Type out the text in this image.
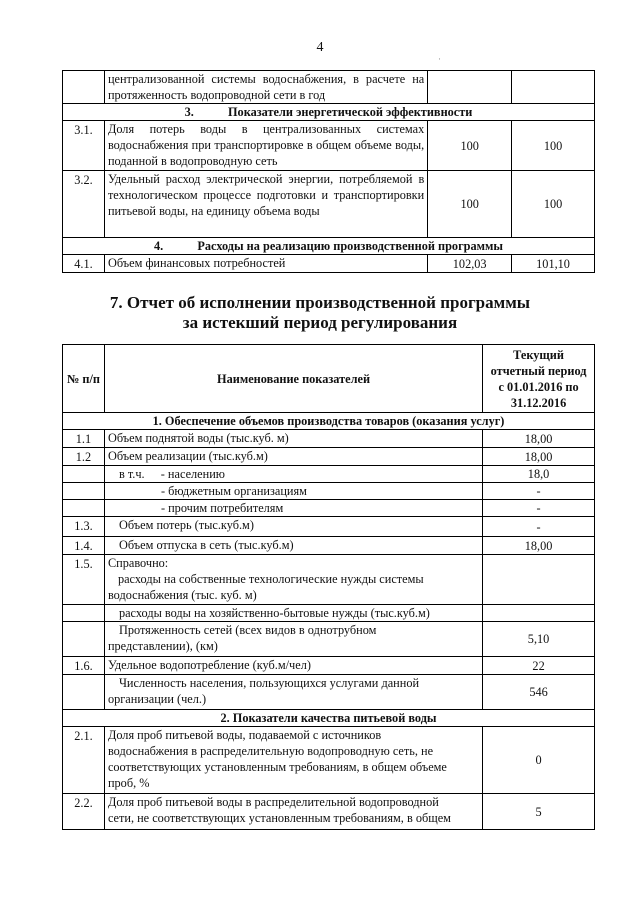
4
·
	централизованной системы водоснабжения, в расчете на протяженность водопроводной сети в год		
3. Показатели энергетической эффективности			
3.1.	Доля потерь воды в централизованных системах водоснабжения при транспортировке в общем объеме воды, поданной в водопроводную сеть	100	100
3.2.	Удельный расход электрической энергии, потребляемой в технологическом процессе подготовки и транспортировки питьевой воды, на единицу объема воды	100	100
4. Расходы на реализацию производственной программы			
4.1.	Объем финансовых потребностей	102,03	101,10
7. Отчет об исполнении производственной программы
за истекший период регулирования
№ п/п	Наименование показателей	Текущий
отчетный период
с 01.01.2016 по
31.12.2016

1. Обеспечение объемов производства товаров (оказания услуг)		
1.1	Объем поднятой воды (тыс.куб. м)	18,00
1.2	Объем реализации (тыс.куб.м)	18,00
	в т.ч. - населению	18,0
	- бюджетным организациям	-
	- прочим потребителям	-
1.3.	Объем потерь (тыс.куб.м)	-
1.4.	Объем отпуска в сеть (тыс.куб.м)	18,00
1.5.	Справочно:
расходы на собственные технологические нужды системы
водоснабжения (тыс. куб. м)	

	расходы воды на хозяйственно-бытовые нужды (тыс.куб.м)	

	Протяженность сетей (всех видов в однотрубном
представлении), (км)	5,10
1.6.	Удельное водопотребление (куб.м/чел)	22

	Численность населения, пользующихся услугами данной
организации (чел.)	546
2. Показатели качества питьевой воды		
2.1.	Доля проб питьевой воды, подаваемой с источников
водоснабжения в распределительную водопроводную сеть, не
соответствующих установленным требованиям, в общем объеме
проб, %	0
2.2.	Доля проб питьевой воды в распределительной водопроводной
сети, не соответствующих установленным требованиям, в общем	5
